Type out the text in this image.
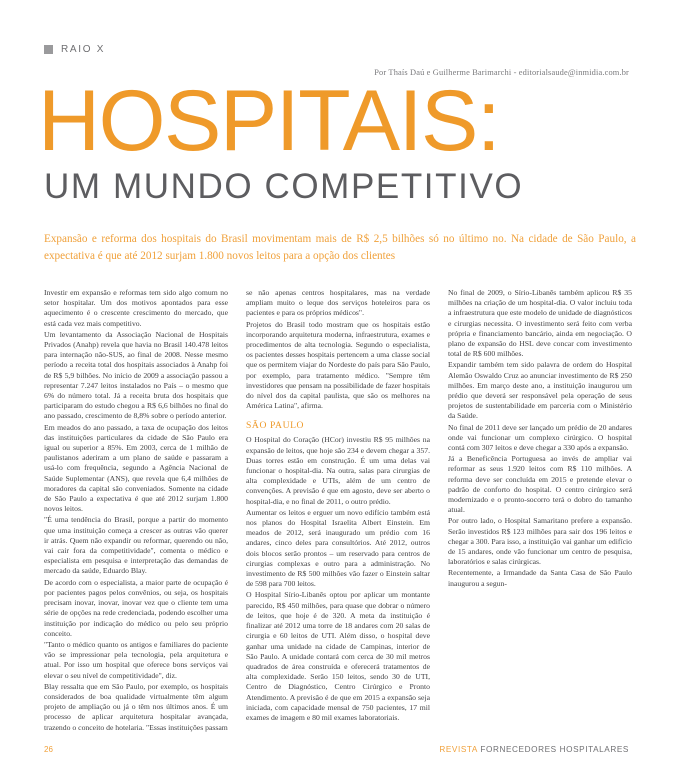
RAIO X
Por Thaís Daú e Guilherme Barimarchi - editorialsaude@inmidia.com.br
HOSPITAIS:
UM MUNDO COMPETITIVO
Expansão e reforma dos hospitais do Brasil movimentam mais de R$ 2,5 bilhões só no último no. Na cidade de São Paulo, a expectativa é que até 2012 surjam 1.800 novos leitos para a opção dos clientes

Investir em expansão e reformas tem sido algo comum no setor hospitalar. Um dos motivos apontados para esse aquecimento é o crescente crescimento do mercado, que está cada vez mais competitivo.

Um levantamento da Associação Nacional de Hospitais Privados (Anahp) revela que havia no Brasil 140.478 leitos para internação não-SUS, ao final de 2008. Nesse mesmo período a receita total dos hospitais associados à Anahp foi de R$ 5,9 bilhões. No início de 2009 a associação passou a representar 7.247 leitos instalados no País – o mesmo que 6% do número total. Já a receita bruta dos hospitais que participaram do estudo chegou a R$ 6,6 bilhões no final do ano passado, crescimento de 8,8% sobre o período anterior.

Em meados do ano passado, a taxa de ocupação dos leitos das instituições particulares da cidade de São Paulo era igual ou superior a 85%. Em 2003, cerca de 1 milhão de paulistanos aderiram a um plano de saúde e passaram a usá-lo com frequência, segundo a Agência Nacional de Saúde Suplementar (ANS), que revela que 6,4 milhões de moradores da capital são conveniados. Somente na cidade de São Paulo a expectativa é que até 2012 surjam 1.800 novos leitos.

"É uma tendência do Brasil, porque a partir do momento que uma instituição começa a crescer as outras vão querer ir atrás. Quem não expandir ou reformar, querendo ou não, vai cair fora da competitividade", comenta o médico e especialista em pesquisa e interpretação das demandas de mercado da saúde, Eduardo Blay.

De acordo com o especialista, a maior parte de ocupação é por pacientes pagos pelos convênios, ou seja, os hospitais precisam inovar, inovar, inovar vez que o cliente tem uma série de opções na rede credenciada, podendo escolher uma instituição por indicação do médico ou pelo seu próprio conceito.

"Tanto o médico quanto os antigos e familiares do paciente vão se impressionar pela tecnologia, pela arquitetura e atual. Por isso um hospital que oferece bons serviços vai elevar o seu nível de competitividade", diz.

Blay ressalta que em São Paulo, por exemplo, os hospitais considerados de boa qualidade virtualmente têm algum projeto de ampliação ou já o têm nos últimos anos. É um processo de aplicar arquitetura hospitalar avançada, trazendo o conceito de hotelaria. "Essas instituições passam

se não apenas centros hospitalares, mas na verdade ampliam muito o leque dos serviços hoteleiros para os pacientes e para os próprios médicos".

Projetos do Brasil todo mostram que os hospitais estão incorporando arquitetura moderna, infraestrutura, exames e procedimentos de alta tecnologia. Segundo o especialista, os pacientes desses hospitais pertencem a uma classe social que os permitem viajar do Nordeste do país para São Paulo, por exemplo, para tratamento médico. "Sempre têm investidores que pensam na possibilidade de fazer hospitais do nível dos da capital paulista, que são os melhores na América Latina", afirma.

SÃO PAULO

O Hospital do Coração (HCor) investiu R$ 95 milhões na expansão de leitos, que hoje são 234 e devem chegar a 357. Duas torres estão em construção. É um uma delas vai funcionar o hospital-dia. Na outra, salas para cirurgias de alta complexidade e UTIs, além de um centro de convenções. A previsão é que em agosto, deve ser aberto o hospital-dia, e no final de 2011, o outro prédio.

Aumentar os leitos e erguer um novo edifício também está nos planos do Hospital Israelita Albert Einstein. Em meados de 2012, será inaugurado um prédio com 16 andares, cinco deles para consultórios. Até 2012, outros dois blocos serão prontos – um reservado para centros de cirurgias complexas e outro para a administração. No investimento de R$ 500 milhões vão fazer o Einstein saltar de 598 para 700 leitos.

O Hospital Sírio-Libanês optou por aplicar um montante parecido, R$ 450 milhões, para quase que dobrar o número de leitos, que hoje é de 320. A meta da instituição é finalizar até 2012 uma torre de 18 andares com 20 salas de cirurgia e 60 leitos de UTI. Além disso, o hospital deve ganhar uma unidade na cidade de Campinas, interior de São Paulo. A unidade contará com cerca de 30 mil metros quadrados de área construída e oferecerá tratamentos de alta complexidade. Serão 150 leitos, sendo 30 de UTI, Centro de Diagnóstico, Centro Cirúrgico e Pronto Atendimento. A previsão é de que em 2015 a expansão seja iniciada, com capacidade mensal de 750 pacientes, 17 mil exames de imagem e 80 mil exames laboratoriais.

No final de 2009, o Sírio-Libanês também aplicou R$ 35 milhões na criação de um hospital-dia. O valor incluiu toda a infraestrutura que este modelo de unidade de diagnósticos e cirurgias necessita. O investimento será feito com verba própria e financiamento bancário, ainda em negociação. O plano de expansão do HSL deve concar com investimento total de R$ 600 milhões.

Expandir também tem sido palavra de ordem do Hospital Alemão Oswaldo Cruz ao anunciar investimento de R$ 250 milhões. Em março deste ano, a instituição inaugurou um prédio que deverá ser responsável pela operação de seus projetos de sustentabilidade em parceria com o Ministério da Saúde.

No final de 2011 deve ser lançado um prédio de 20 andares onde vai funcionar um complexo cirúrgico. O hospital contá com 307 leitos e deve chegar a 330 após a expansão.

Já a Beneficência Portuguesa ao invés de ampliar vai reformar as seus 1.920 leitos com R$ 110 milhões. A reforma deve ser concluída em 2015 e pretende elevar o padrão de conforto do hospital. O centro cirúrgico será modernizado e o pronto-socorro terá o dobro do tamanho atual.

Por outro lado, o Hospital Samaritano prefere a expansão. Serão investidos R$ 123 milhões para sair dos 196 leitos e chegar a 300. Para isso, a instituição vai ganhar um edifício de 15 andares, onde vão funcionar um centro de pesquisa, laboratórios e salas cirúrgicas.

Recentemente, a Irmandade da Santa Casa de São Paulo inaugurou a segun-

26	REVISTA FORNECEDORES HOSPITALARES
